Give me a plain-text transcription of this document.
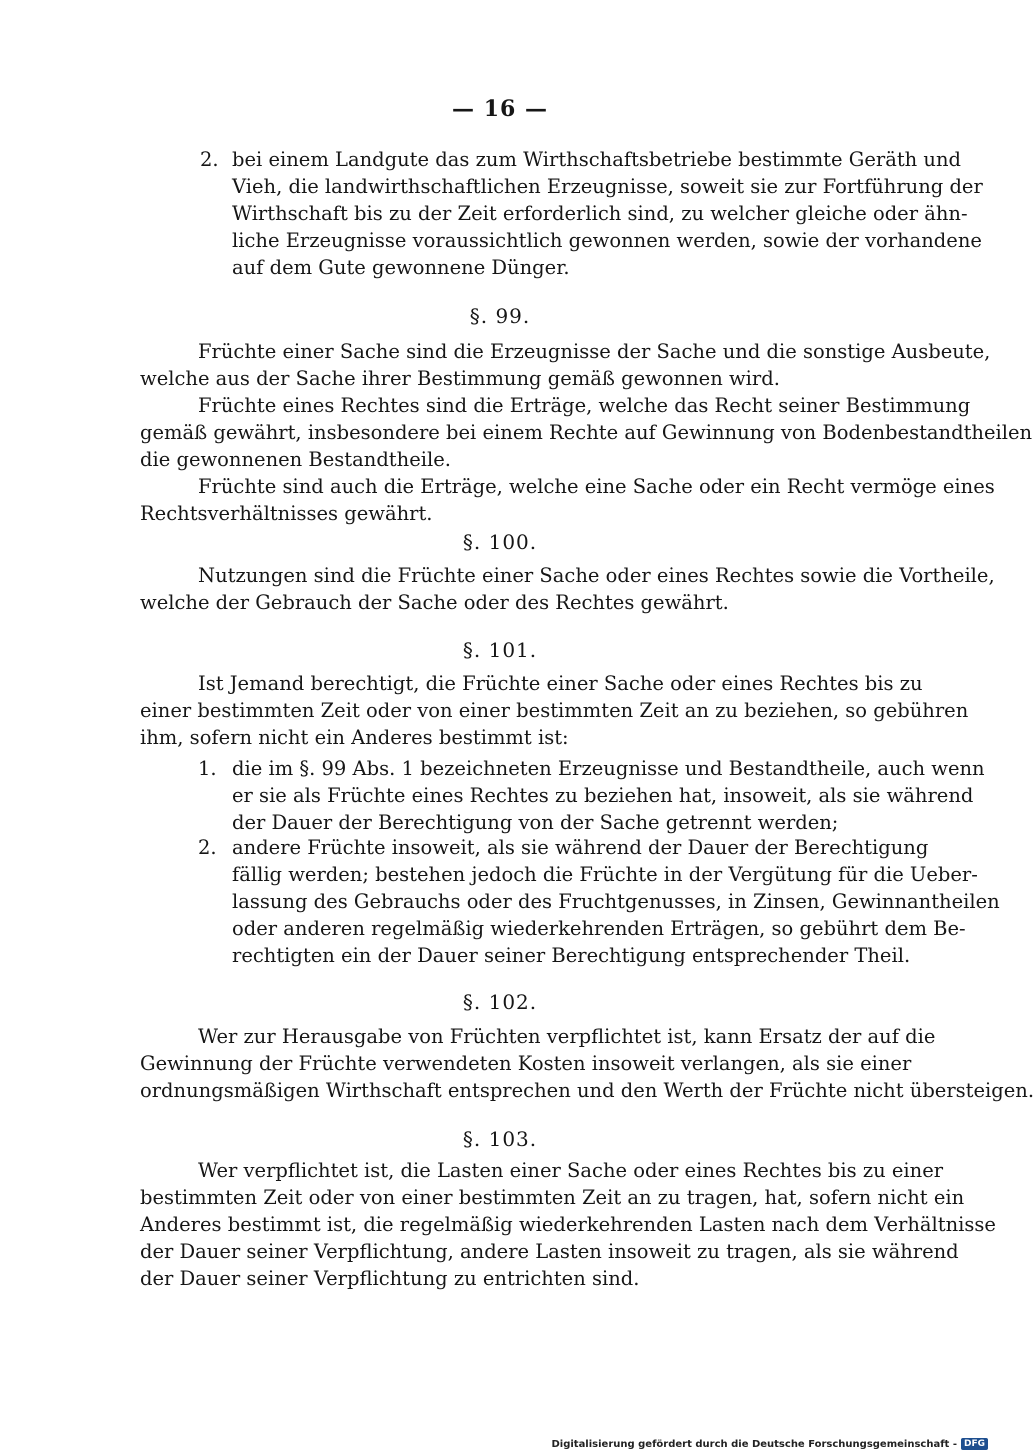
— 16 —
2. bei einem Landgute das zum Wirthschaftsbetriebe bestimmte Geräth und
Vieh, die landwirthschaftlichen Erzeugnisse, soweit sie zur Fortführung der
Wirthschaft bis zu der Zeit erforderlich sind, zu welcher gleiche oder ähn-
liche Erzeugnisse voraussichtlich gewonnen werden, sowie der vorhandene
auf dem Gute gewonnene Dünger.
§. 99.
Früchte einer Sache sind die Erzeugnisse der Sache und die sonstige Ausbeute,
welche aus der Sache ihrer Bestimmung gemäß gewonnen wird.
Früchte eines Rechtes sind die Erträge, welche das Recht seiner Bestimmung
gemäß gewährt, insbesondere bei einem Rechte auf Gewinnung von Bodenbestandtheilen
die gewonnenen Bestandtheile.
Früchte sind auch die Erträge, welche eine Sache oder ein Recht vermöge eines
Rechtsverhältnisses gewährt.
§. 100.
Nutzungen sind die Früchte einer Sache oder eines Rechtes sowie die Vortheile,
welche der Gebrauch der Sache oder des Rechtes gewährt.
§. 101.
Ist Jemand berechtigt, die Früchte einer Sache oder eines Rechtes bis zu
einer bestimmten Zeit oder von einer bestimmten Zeit an zu beziehen, so gebühren
ihm, sofern nicht ein Anderes bestimmt ist:
1. die im §. 99 Abs. 1 bezeichneten Erzeugnisse und Bestandtheile, auch wenn
er sie als Früchte eines Rechtes zu beziehen hat, insoweit, als sie während
der Dauer der Berechtigung von der Sache getrennt werden;
2. andere Früchte insoweit, als sie während der Dauer der Berechtigung
fällig werden; bestehen jedoch die Früchte in der Vergütung für die Ueber-
lassung des Gebrauchs oder des Fruchtgenusses, in Zinsen, Gewinnantheilen
oder anderen regelmäßig wiederkehrenden Erträgen, so gebührt dem Be-
rechtigten ein der Dauer seiner Berechtigung entsprechender Theil.
§. 102.
Wer zur Herausgabe von Früchten verpflichtet ist, kann Ersatz der auf die
Gewinnung der Früchte verwendeten Kosten insoweit verlangen, als sie einer
ordnungsmäßigen Wirthschaft entsprechen und den Werth der Früchte nicht übersteigen.
§. 103.
Wer verpflichtet ist, die Lasten einer Sache oder eines Rechtes bis zu einer
bestimmten Zeit oder von einer bestimmten Zeit an zu tragen, hat, sofern nicht ein
Anderes bestimmt ist, die regelmäßig wiederkehrenden Lasten nach dem Verhältnisse
der Dauer seiner Verpflichtung, andere Lasten insoweit zu tragen, als sie während
der Dauer seiner Verpflichtung zu entrichten sind.
Digitalisierung gefördert durch die Deutsche Forschungsgemeinschaft - DFG
